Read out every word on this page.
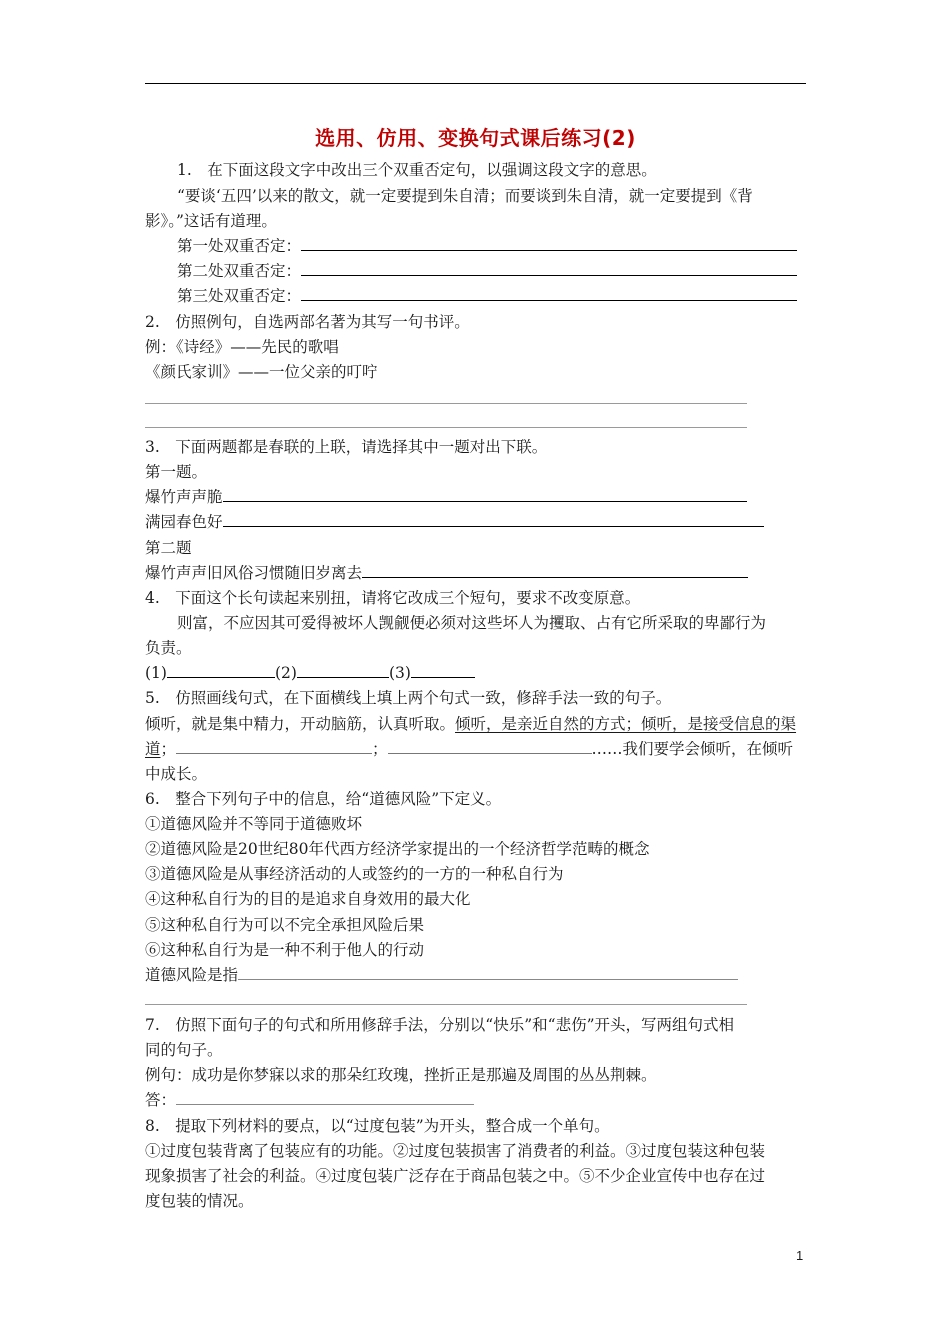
选用、仿用、变换句式课后练习(2)
1.　在下面这段文字中改出三个双重否定句，以强调这段文字的意思。
“要谈‘五四’以来的散文，就一定要提到朱自清；而要谈到朱自清，就一定要提到《背
影》。”这话有道理。
第一处双重否定：
第二处双重否定：
第三处双重否定：
2.　仿照例句，自选两部名著为其写一句书评。
例：《诗经》——先民的歌唱
《颜氏家训》——一位父亲的叮咛
3.　下面两题都是春联的上联，请选择其中一题对出下联。
第一题。
爆竹声声脆
满园春色好
第二题
爆竹声声旧风俗习惯随旧岁离去
4.　下面这个长句读起来别扭，请将它改成三个短句，要求不改变原意。
则富，不应因其可爱得被坏人觊觎便必须对这些坏人为攫取、占有它所采取的卑鄙行为
负责。
(1)	(2)	(3)
5.　仿照画线句式，在下面横线上填上两个句式一致，修辞手法一致的句子。
倾听，就是集中精力，开动脑筋，认真听取。倾听，是亲近自然的方式；倾听，是接受信息的渠
道；	；	……我们要学会倾听，在倾听
中成长。
6.　整合下列句子中的信息，给“道德风险”下定义。
①道德风险并不等同于道德败坏
②道德风险是20世纪80年代西方经济学家提出的一个经济哲学范畴的概念
③道德风险是从事经济活动的人或签约的一方的一种私自行为
④这种私自行为的目的是追求自身效用的最大化
⑤这种私自行为可以不完全承担风险后果
⑥这种私自行为是一种不利于他人的行动
道德风险是指
7.　仿照下面句子的句式和所用修辞手法，分别以“快乐”和“悲伤”开头，写两组句式相
同的句子。
例句：成功是你梦寐以求的那朵红玫瑰，挫折正是那遍及周围的丛丛荆棘。
答：
8.　提取下列材料的要点，以“过度包装”为开头，整合成一个单句。
①过度包装背离了包装应有的功能。②过度包装损害了消费者的利益。③过度包装这种包装
现象损害了社会的利益。④过度包装广泛存在于商品包装之中。⑤不少企业宣传中也存在过
度包装的情况。
1
